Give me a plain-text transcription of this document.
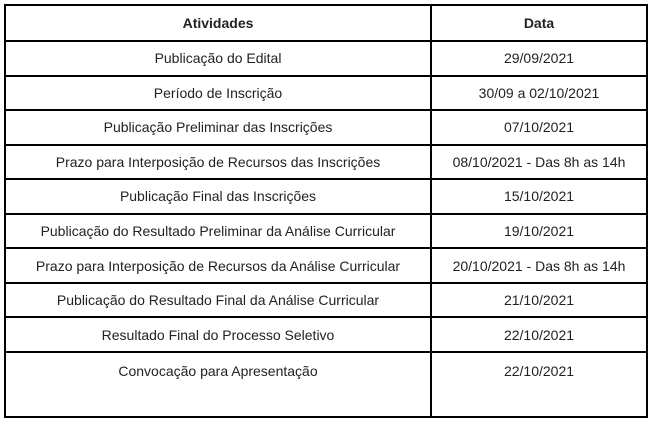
Atividades	Data
Publicação do Edital	29/09/2021
Período de Inscrição	30/09 a 02/10/2021
Publicação Preliminar das Inscrições	07/10/2021
Prazo para Interposição de Recursos das Inscrições	08/10/2021 - Das 8h as 14h
Publicação Final das Inscrições	15/10/2021
Publicação do Resultado Preliminar da Análise Curricular	19/10/2021
Prazo para Interposição de Recursos da Análise Curricular	20/10/2021 - Das 8h as 14h
Publicação do Resultado Final da Análise Curricular	21/10/2021
Resultado Final do Processo Seletivo	22/10/2021
Convocação para Apresentação	22/10/2021
